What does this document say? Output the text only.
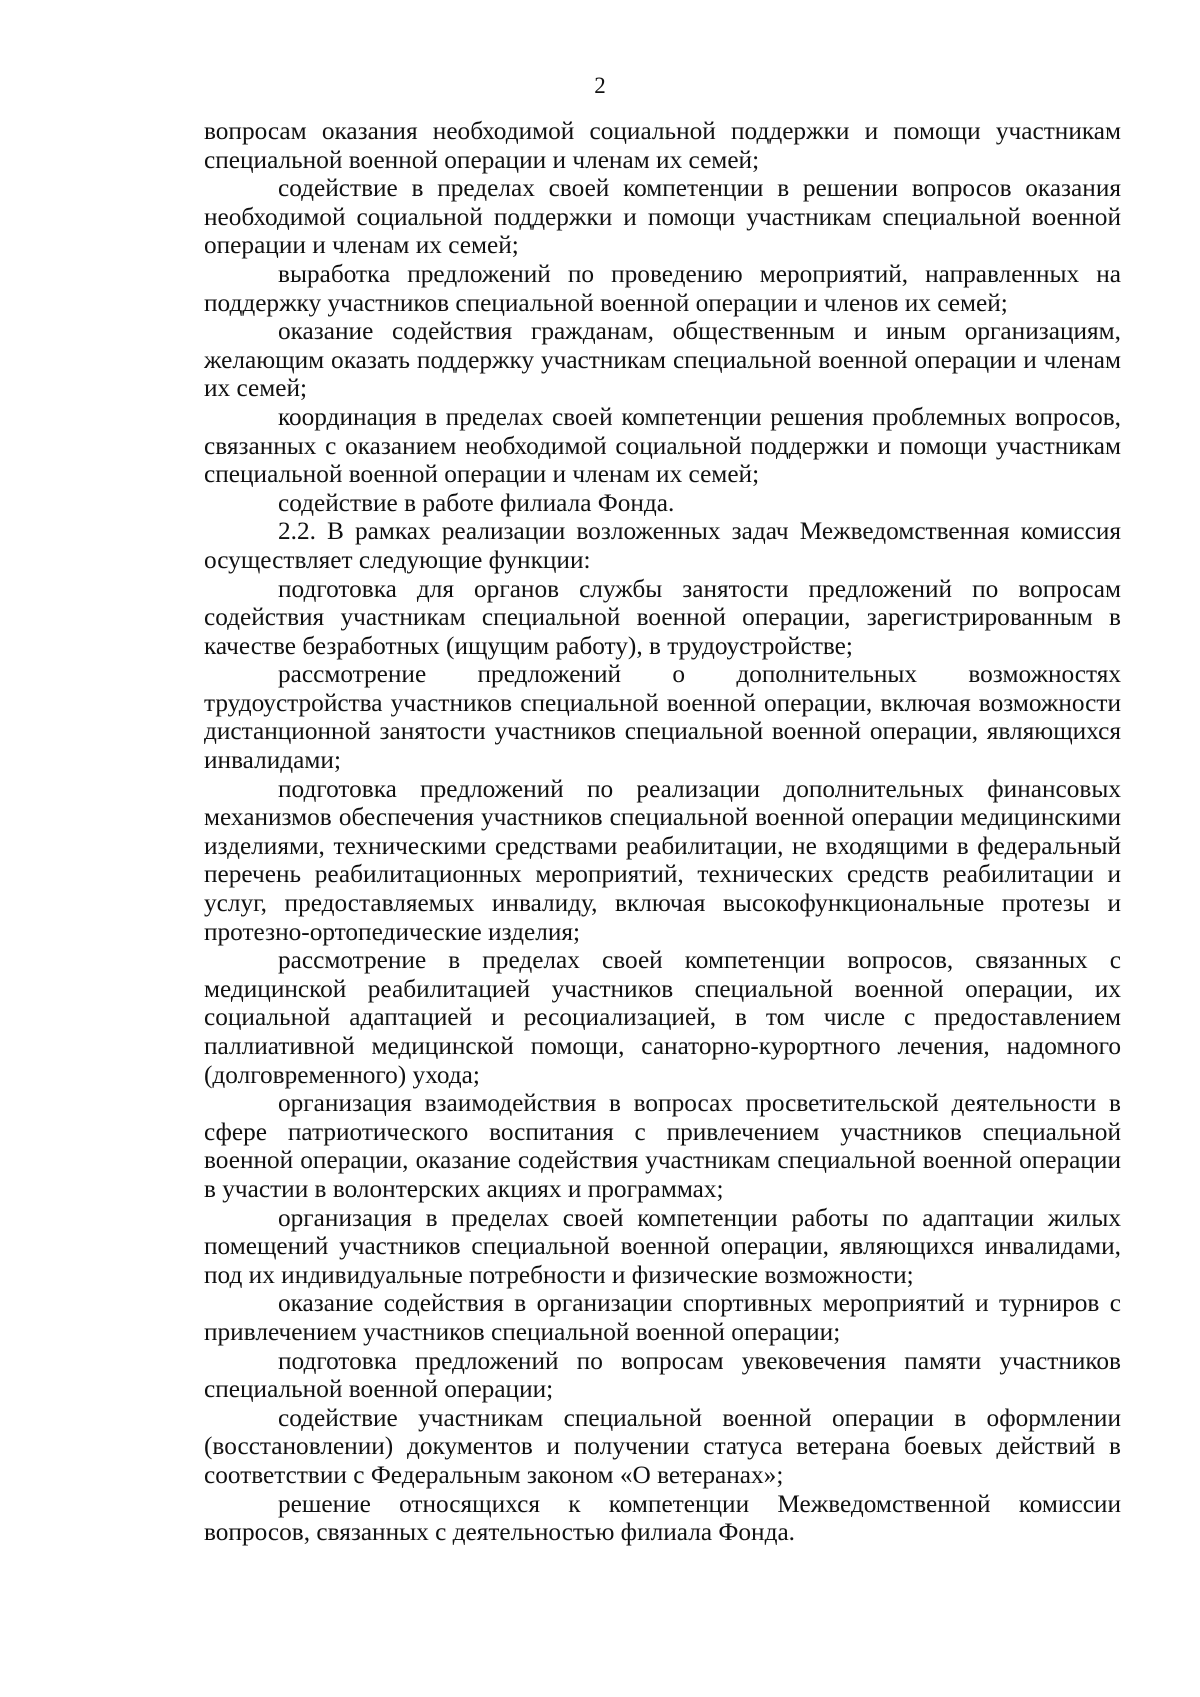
2

вопросам оказания необходимой социальной поддержки и помощи участникам специальной военной операции и членам их семей;

содействие в пределах своей компетенции в решении вопросов оказания необходимой социальной поддержки и помощи участникам специальной военной операции и членам их семей;

выработка предложений по проведению мероприятий, направленных на поддержку участников специальной военной операции и членов их семей;

оказание содействия гражданам, общественным и иным организациям, желающим оказать поддержку участникам специальной военной операции и членам их семей;

координация в пределах своей компетенции решения проблемных вопросов, связанных с оказанием необходимой социальной поддержки и помощи участникам специальной военной операции и членам их семей;

содействие в работе филиала Фонда.

2.2. В рамках реализации возложенных задач Межведомственная комиссия осуществляет следующие функции:

подготовка для органов службы занятости предложений по вопросам содействия участникам специальной военной операции, зарегистрированным в качестве безработных (ищущим работу), в трудоустройстве;

рассмотрение предложений о дополнительных возможностях трудоустройства участников специальной военной операции, включая возможности дистанционной занятости участников специальной военной операции, являющихся инвалидами;

подготовка предложений по реализации дополнительных финансовых механизмов обеспечения участников специальной военной операции медицинскими изделиями, техническими средствами реабилитации, не входящими в федеральный перечень реабилитационных мероприятий, технических средств реабилитации и услуг, предоставляемых инвалиду, включая высокофункциональные протезы и протезно-ортопедические изделия;

рассмотрение в пределах своей компетенции вопросов, связанных с медицинской реабилитацией участников специальной военной операции, их социальной адаптацией и ресоциализацией, в том числе с предоставлением паллиативной медицинской помощи, санаторно-курортного лечения, надомного (долговременного) ухода;

организация взаимодействия в вопросах просветительской деятельности в сфере патриотического воспитания с привлечением участников специальной военной операции, оказание содействия участникам специальной военной операции в участии в волонтерских акциях и программах;

организация в пределах своей компетенции работы по адаптации жилых помещений участников специальной военной операции, являющихся инвалидами, под их индивидуальные потребности и физические возможности;

оказание содействия в организации спортивных мероприятий и турниров с привлечением участников специальной военной операции;

подготовка предложений по вопросам увековечения памяти участников специальной военной операции;

содействие участникам специальной военной операции в оформлении (восстановлении) документов и получении статуса ветерана боевых действий в соответствии с Федеральным законом «О ветеранах»;

решение относящихся к компетенции Межведомственной комиссии вопросов, связанных с деятельностью филиала Фонда.
